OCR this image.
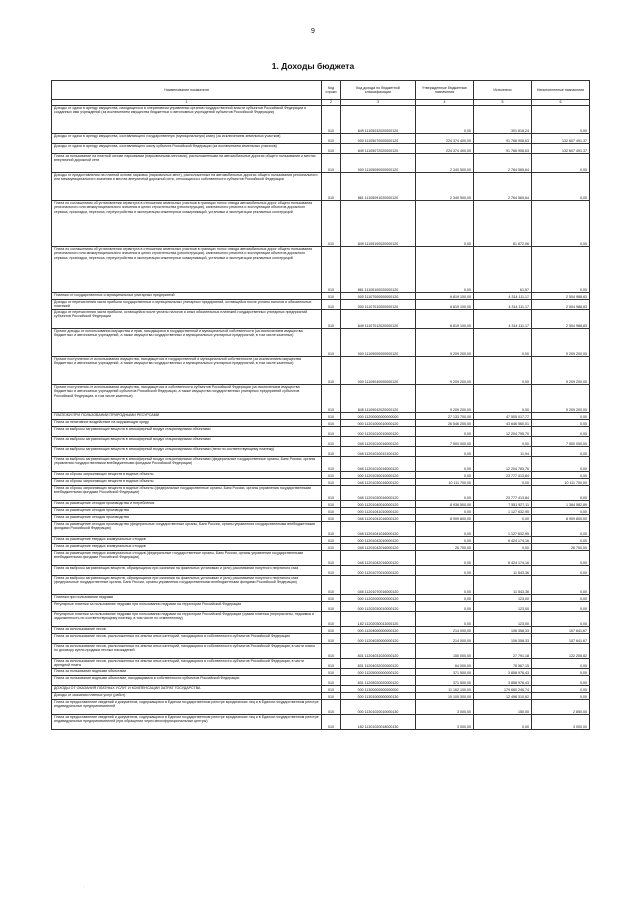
9
1. Доходы бюджета
Наименование показателя	Код строки	Код дохода по бюджетной классификации	Утвержденные бюджетные назначения	Исполнено	Неисполненные назначения
1	2	3	4	5	6
Доходы от сдачи в аренду имущества, находящегося в оперативном управлении органов государственной власти субъектов Российской Федерации и созданных ими учреждений (за исключением имущества бюджетных и автономных учреждений субъектов Российской Федерации)	010	849 11105032020000120	0,00	301 818,24	0,00
Доходы от сдачи в аренду имущества, составляющего государственную (муниципальную) казну (за исключением земельных участков)	010	000 11105070000000120	224 374 400,00	91 766 908,63	132 607 491,37
Доходы от сдачи в аренду имущества, составляющего казну субъекта Российской Федерации (за исключением земельных участков)	010	849 11105072020000120	224 374 400,00	91 766 908,63	132 607 491,37
Плата за пользование на платной основе парковками (парковочными местами), расположенными на автомобильных дорогах общего пользования и местах внеуличной дорожной сети	010	000 11105090000000120	2 340 500,00	2 764 565,64	0,00
Доходы от предоставления на платной основе парковок (парковочных мест), расположенных на автомобильных дорогах общего пользования регионального или межмуниципального значения и местах внеуличной дорожной сети, относящихся к собственности субъектов Российской Федерации	010	861 11105091020000120	2 340 500,00	2 764 565,64	0,00
Плата по соглашениям об установлении сервитута в отношении земельных участков в границах полос отвода автомобильных дорог общего пользования регионального или межмуниципального значения в целях строительства (реконструкции), капитального ремонта и эксплуатации объектов дорожного сервиса, прокладки, переноса, переустройства и эксплуатации инженерных коммуникаций, установки и эксплуатации рекламных конструкций	010	849 11105100020000120	0,00	61 672,06	0,00
Плата по соглашениям об установлении сервитута в отношении земельных участков в границах полос отвода автомобильных дорог общего пользования регионального или межмуниципального значения в целях строительства (реконструкции), капитального ремонта и эксплуатации объектов дорожного сервиса, прокладки, переноса, переустройства и эксплуатации инженерных коммуникаций, установки и эксплуатации рекламных конструкций	010	861 11105100020000120	0,00	61,57	0,00
Платежи от государственных и муниципальных унитарных предприятий	010	000 11107000000000120	6 819 100,00	4 314 111,17	2 504 988,83
Доходы от перечисления части прибыли государственных и муниципальных унитарных предприятий, остающейся после уплаты налогов и обязательных платежей	010	000 11107010000000120	6 819 100,00	4 314 111,17	2 504 988,83
Доходы от перечисления части прибыли, остающейся после уплаты налогов и иных обязательных платежей государственных унитарных предприятий субъектов Российской Федерации	010	849 11107012020000120	6 819 100,00	4 314 111,17	2 504 988,83
Прочие доходы от использования имущества и прав, находящихся в государственной и муниципальной собственности (за исключением имущества бюджетных и автономных учреждений, а также имущества государственных и муниципальных унитарных предприятий, в том числе казенных)	010	000 11109000000000120	9 209 200,00	0,00	9 209 200,00
Прочие поступления от использования имущества, находящегося в государственной и муниципальной собственности (за исключением имущества бюджетных и автономных учреждений, а также имущества государственных и муниципальных унитарных предприятий, в том числе казенных)	010	000 11109040000000120	9 209 200,00	0,00	9 209 200,00
Прочие поступления от использования имущества, находящегося в собственности субъектов Российской Федерации (за исключением имущества бюджетных и автономных учреждений субъектов Российской Федерации, а также имущества государственных унитарных предприятий субъектов Российской Федерации, в том числе казенных)	010	845 11109042020000120	9 209 200,00	0,00	9 209 200,00
ПЛАТЕЖИ ПРИ ПОЛЬЗОВАНИИ ПРИРОДНЫМИ РЕСУРСАМИ	010	000 11200000000000000	27 133 700,00	47 505 017,77	0,00
Плата за негативное воздействие на окружающую среду	010	000 11201000010000120	26 546 200,00	43 646 560,01	0,00
Плата за выбросы загрязняющих веществ в атмосферный воздух стационарными объектами	010	000 11201010010000120	0,00	12 204 795,70	0,00
Плата за выбросы загрязняющих веществ в атмосферный воздух стационарными объектами	010	048 11201010016000120	7 500 000,00	0,00	7 500 000,00
Плата за выбросы загрязняющих веществ в атмосферный воздух стационарными объектами (пени по соответствующему платежу)	010	048 11201010012100120	0,00	11,94	0,00
Плата за выбросы загрязняющих веществ в атмосферный воздух стационарными объектами (федеральные государственные органы, Банк России, органы управления государственными внебюджетными фондами Российской Федерации)	010	048 11201010016000120	0,00	12 204 783,76	0,00
Плата за сбросы загрязняющих веществ в водные объекты	010	000 11201030010000120	0,00	23 777 413,84	0,00
Плата за сбросы загрязняющих веществ в водные объекты	010	048 11201030016000120	10 111 700,00	0,00	10 111 700,00
Плата за сбросы загрязняющих веществ в водные объекты (федеральные государственные органы, Банк России, органы управления государственными внебюджетными фондами Российской Федерации)	010	048 11201030016000120	0,00	23 777 413,84	0,00
Плата за размещение отходов производства и потребления	010	000 11201040010000120	8 936 500,00	7 551 927,11	1 384 582,89
Плата за размещение отходов производства	010	000 11201041010000120	0,00	1 127 632,95	0,00
Плата за размещение отходов производства	010	048 11201041016000120	8 909 800,00	0,00	8 909 800,00
Плата за размещение отходов производства (федеральные государственные органы, Банк России, органы управления государственными внебюджетными фондами Российской Федерации)	010	048 11201041016000120	0,00	1 127 632,95	0,00
Плата за размещение твердых коммунальных отходов	010	000 11201042010000120	0,00	6 424 174,16	0,00
Плата за размещение твердых коммунальных отходов	010	048 11201042016000120	26 700,00	0,00	26 700,00
Плата за размещение твердых коммунальных отходов (федеральные государственные органы, Банк России, органы управления государственными внебюджетными фондами Российской Федерации)	010	048 11201042016000120	0,00	6 424 174,16	0,00
Плата за выбросы загрязняющих веществ, образующихся при сжигании на факельных установках и (или) рассеивании попутного нефтяного газа	010	000 11201070010000120	0,00	11 543,36	0,00
Плата за выбросы загрязняющих веществ, образующихся при сжигании на факельных установках и (или) рассеивании попутного нефтяного газа (федеральные государственные органы, Банк России, органы управления государственными внебюджетными фондами Российской Федерации)	010	048 11201070016000120	0,00	11 543,36	0,00
Платежи при пользовании недрами	010	000 11202000000000120	0,00	123,00	0,00
Регулярные платежи за пользование недрами при пользовании недрами на территории Российской Федерации	010	000 11202030010000120	0,00	123,00	0,00
Регулярные платежи за пользование недрами при пользовании недрами на территории Российской Федерации (сумма платежа (перерасчеты, недоимка и задолженность по соответствующему платежу, в том числе по отмененному)	010	182 11202030011000120	0,00	123,00	0,00
Плата за использование лесов	010	000 11204000000000120	214 000,00	106 358,33	107 641,67
Плата за использование лесов, расположенных на землях иных категорий, находящихся в собственности субъектов Российской Федерации	010	000 11204030000000120	214 000,00	106 358,33	107 641,67
Плата за использование лесов, расположенных на землях иных категорий, находящихся в собственности субъектов Российской Федерации, в части платы по договору купли-продажи лесных насаждений	010	831 11204031020000120	150 000,00	27 791,18	122 208,82
Плата за использование лесов, расположенных на землях иных категорий, находящихся в собственности субъектов Российской Федерации, в части арендной платы	010	831 11204032020000120	64 000,00	78 567,15	0,00
Плата за пользование водными объектами	010	000 11205000000000120	371 500,00	3 858 976,43	0,00
Плата за пользование водными объектами, находящимися в собственности субъектов Российской Федерации	010	831 11205020020000120	371 500,00	3 858 976,43	0,00
ДОХОДЫ ОТ ОКАЗАНИЯ ПЛАТНЫХ УСЛУГ И КОМПЕНСАЦИИ ЗАТРАТ ГОСУДАРСТВА	010	000 11300000000000000	11 162 100,00	179 660 246,74	0,00
Доходы от оказания платных услуг (работ)	010	000 11301000000000130	10 100 300,00	12 496 310,62	0,00
Плата за предоставление сведений и документов, содержащихся в Едином государственном реестре юридических лиц и в Едином государственном реестре индивидуальных предпринимателей	010	000 11301020010000130	3 000,00	150,00	2 850,00
Плата за предоставление сведений и документов, содержащихся в Едином государственном реестре юридических лиц и в Едином государственном реестре индивидуальных предпринимателей (при обращении через многофункциональные центры)	010	182 11301020018000130	3 000,00	0,00	3 000,00
·
